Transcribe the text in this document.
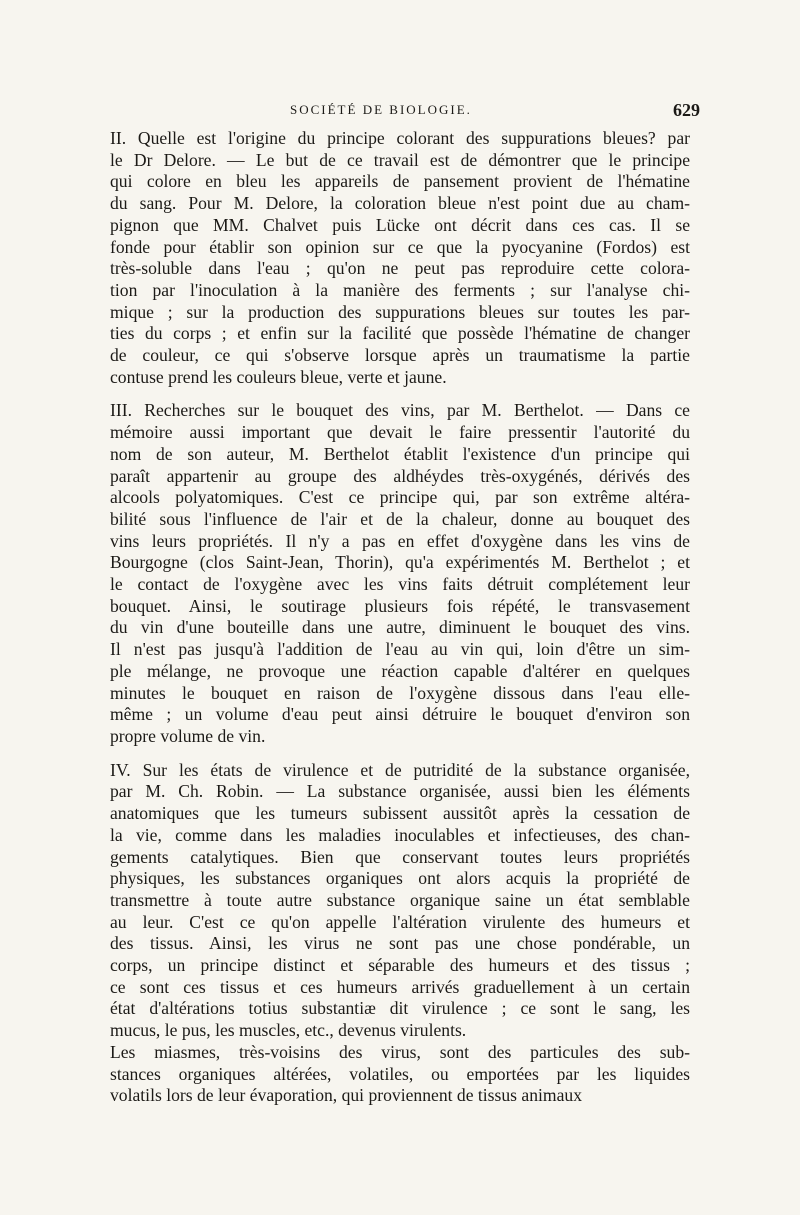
SOCIÉTÉ DE BIOLOGIE.	629

II. Quelle est l'origine du principe colorant des suppurations bleues? par
le Dr Delore. — Le but de ce travail est de démontrer que le principe
qui colore en bleu les appareils de pansement provient de l'hématine
du sang. Pour M. Delore, la coloration bleue n'est point due au cham-
pignon que MM. Chalvet puis Lücke ont décrit dans ces cas. Il se
fonde pour établir son opinion sur ce que la pyocyanine (Fordos) est
très-soluble dans l'eau ; qu'on ne peut pas reproduire cette colora-
tion par l'inoculation à la manière des ferments ; sur l'analyse chi-
mique ; sur la production des suppurations bleues sur toutes les par-
ties du corps ; et enfin sur la facilité que possède l'hématine de changer
de couleur, ce qui s'observe lorsque après un traumatisme la partie
contuse prend les couleurs bleue, verte et jaune.

III. Recherches sur le bouquet des vins, par M. Berthelot. — Dans ce
mémoire aussi important que devait le faire pressentir l'autorité du
nom de son auteur, M. Berthelot établit l'existence d'un principe qui
paraît appartenir au groupe des aldhéydes très-oxygénés, dérivés des
alcools polyatomiques. C'est ce principe qui, par son extrême altéra-
bilité sous l'influence de l'air et de la chaleur, donne au bouquet des
vins leurs propriétés. Il n'y a pas en effet d'oxygène dans les vins de
Bourgogne (clos Saint-Jean, Thorin), qu'a expérimentés M. Berthelot ; et
le contact de l'oxygène avec les vins faits détruit complétement leur
bouquet. Ainsi, le soutirage plusieurs fois répété, le transvasement
du vin d'une bouteille dans une autre, diminuent le bouquet des vins.
Il n'est pas jusqu'à l'addition de l'eau au vin qui, loin d'être un sim-
ple mélange, ne provoque une réaction capable d'altérer en quelques
minutes le bouquet en raison de l'oxygène dissous dans l'eau elle-
même ; un volume d'eau peut ainsi détruire le bouquet d'environ son
propre volume de vin.

IV. Sur les états de virulence et de putridité de la substance organisée,
par M. Ch. Robin. — La substance organisée, aussi bien les éléments
anatomiques que les tumeurs subissent aussitôt après la cessation de
la vie, comme dans les maladies inoculables et infectieuses, des chan-
gements catalytiques. Bien que conservant toutes leurs propriétés
physiques, les substances organiques ont alors acquis la propriété de
transmettre à toute autre substance organique saine un état semblable
au leur. C'est ce qu'on appelle l'altération virulente des humeurs et
des tissus. Ainsi, les virus ne sont pas une chose pondérable, un
corps, un principe distinct et séparable des humeurs et des tissus ;
ce sont ces tissus et ces humeurs arrivés graduellement à un certain
état d'altérations totius substantiæ dit virulence ; ce sont le sang, les
mucus, le pus, les muscles, etc., devenus virulents.

Les miasmes, très-voisins des virus, sont des particules des sub-
stances organiques altérées, volatiles, ou emportées par les liquides
volatils lors de leur évaporation, qui proviennent de tissus animaux
